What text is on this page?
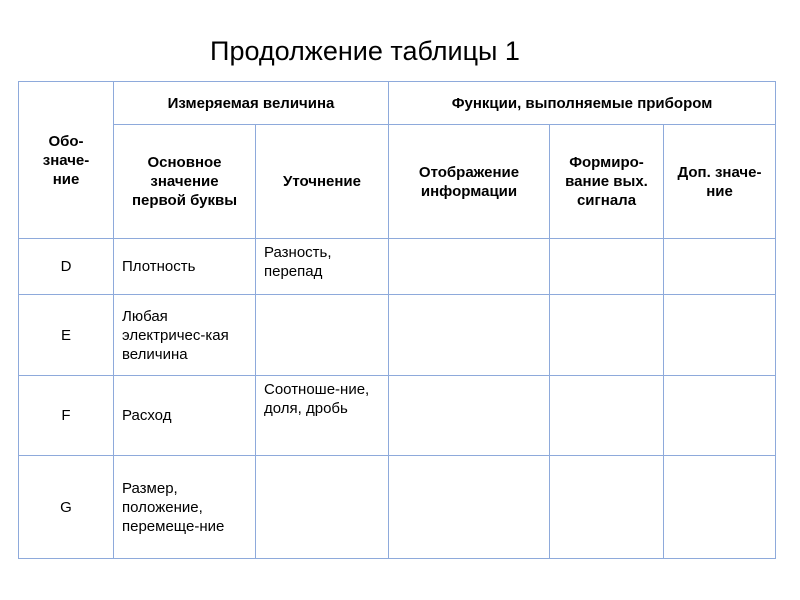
Продолжение таблицы 1
Обо-значе-ние	Измеряемая величина		Функции, выполняемые прибором		
	Основное значение первой буквы	Уточнение	Отображение информации	Формиро-вание вых. сигнала	Доп. значе-ние
D	Плотность	Разность, перепад			
E	Любая электричес-кая величина				
F	Расход	Соотноше-ние, доля, дробь			
G	Размер, положение, перемеще-ние				
